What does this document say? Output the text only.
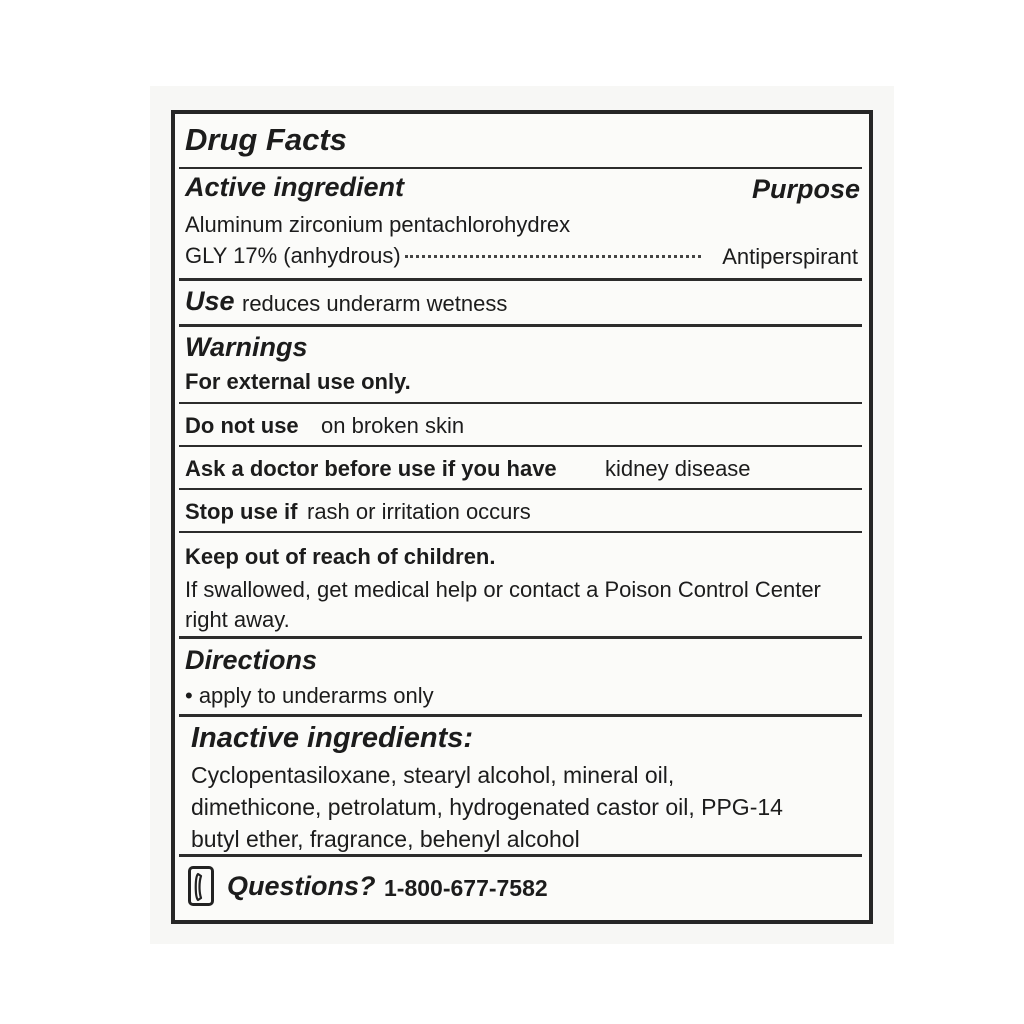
Drug Facts
Active ingredient	Purpose
Aluminum zirconium pentachlorohydrex
GLY 17% (anhydrous)	Antiperspirant
Use reduces underarm wetness
Warnings
For external use only.
Do not use on broken skin
Ask a doctor before use if you have kidney disease
Stop use if rash or irritation occurs
Keep out of reach of children.
If swallowed, get medical help or contact a Poison Control Center
right away.
Directions
• apply to underarms only
Inactive ingredients:
Cyclopentasiloxane, stearyl alcohol, mineral oil,
dimethicone, petrolatum, hydrogenated castor oil, PPG-14
butyl ether, fragrance, behenyl alcohol
Questions? 1-800-677-7582
